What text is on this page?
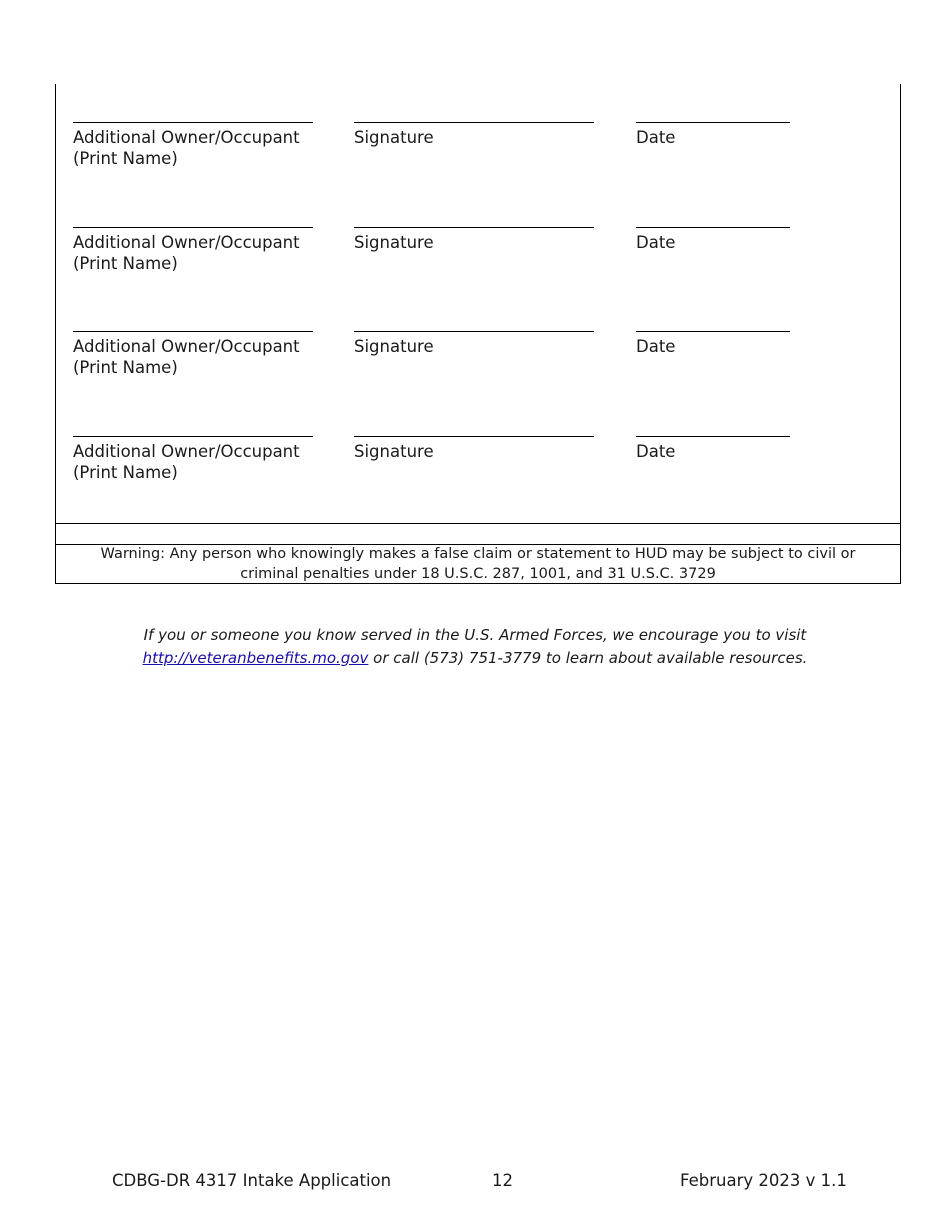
Additional Owner/Occupant
(Print Name)
Signature	Date
Additional Owner/Occupant
(Print Name)
Signature	Date
Additional Owner/Occupant
(Print Name)
Signature	Date
Additional Owner/Occupant
(Print Name)
Signature	Date
Warning: Any person who knowingly makes a false claim or statement to HUD may be subject to civil or
criminal penalties under 18 U.S.C. 287, 1001, and 31 U.S.C. 3729
If you or someone you know served in the U.S. Armed Forces, we encourage you to visit
http://veteranbenefits.mo.gov or call (573) 751-3779 to learn about available resources.
CDBG-DR 4317 Intake Application	12	February 2023 v 1.1
